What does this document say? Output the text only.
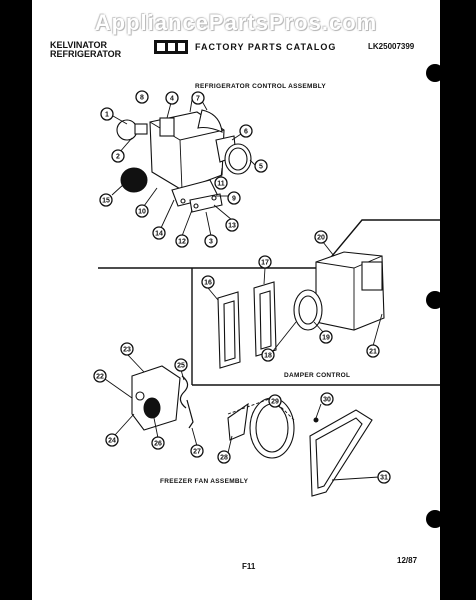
AppliancePartsPros.com
KELVINATOR
REFRIGERATOR
FACTORY PARTS CATALOG	LK25007399
REFRIGERATOR CONTROL ASSEMBLY
DAMPER CONTROL
FREEZER FAN ASSEMBLY
F11
12/87
1
2
3
4
5
6
7
8
9
10
11
12
13
14
15
16
17
18
19
20
21
22
23
24
25
26
27
28
29	30
31
